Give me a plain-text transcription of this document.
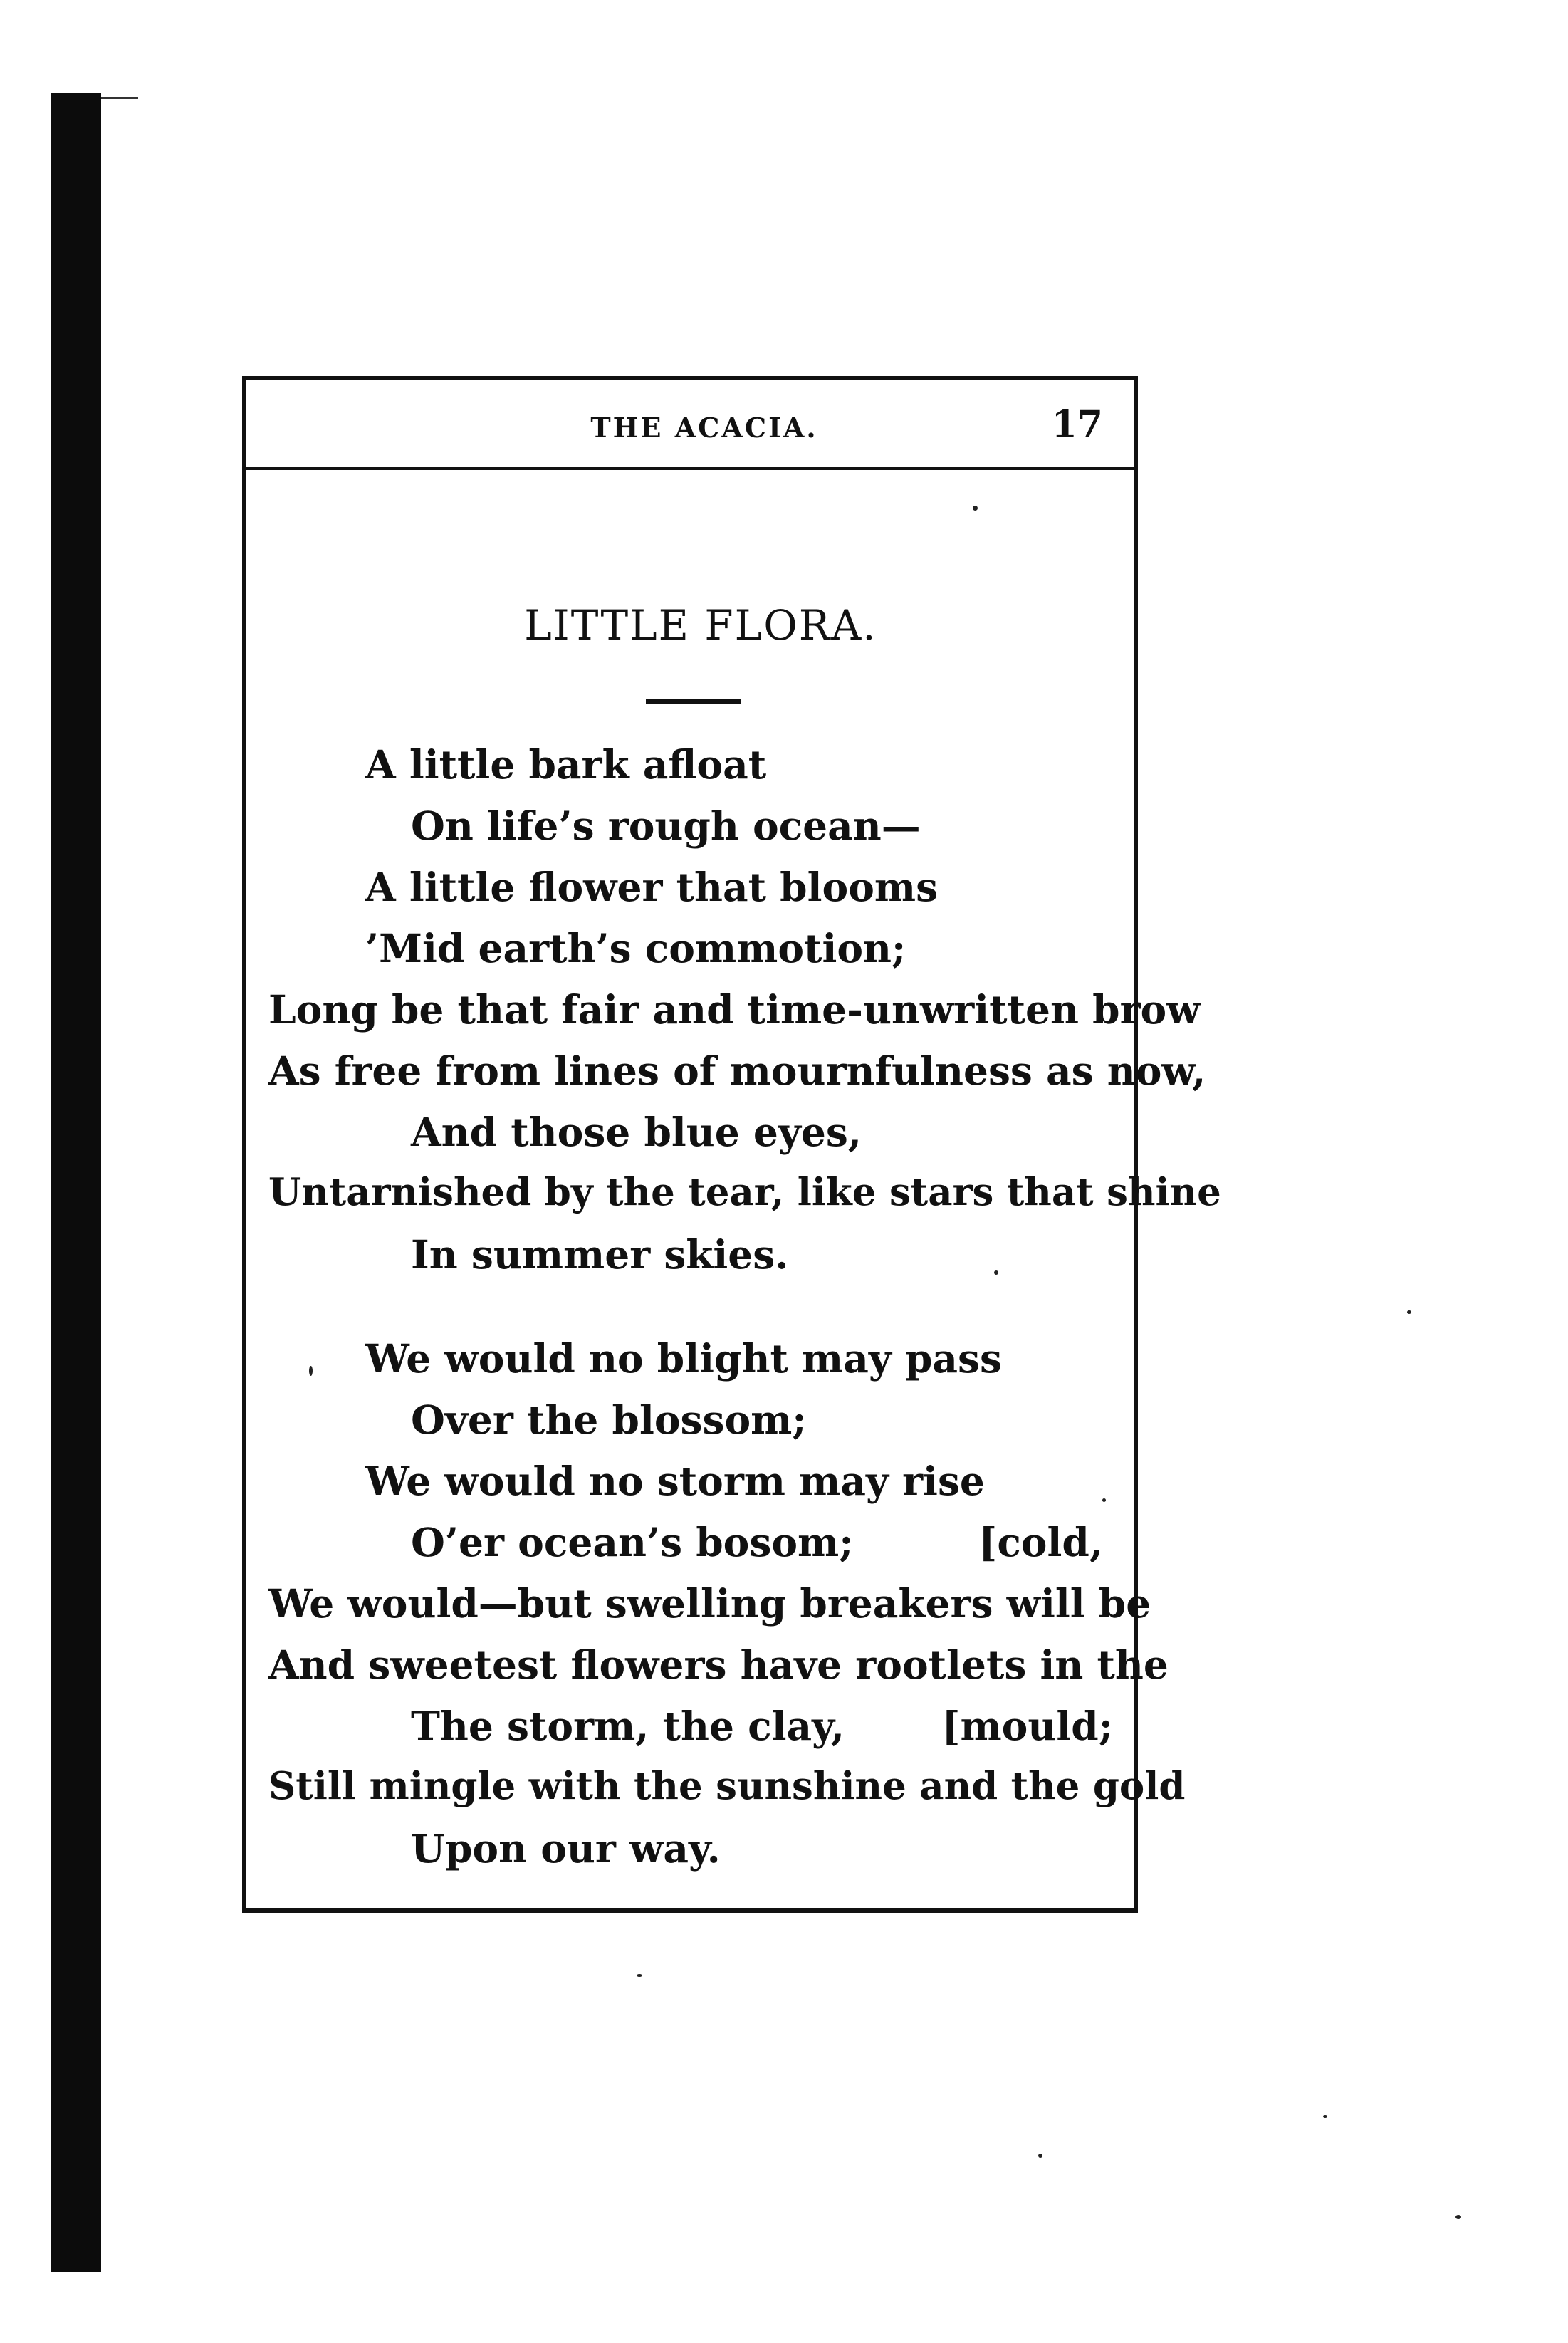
THE ACACIA.	17
LITTLE FLORA.
A little bark afloat
On life’s rough ocean—
A little flower that blooms
’Mid earth’s commotion;
Long be that fair and time-unwritten brow
As free from lines of mournfulness as now,
And those blue eyes,
Untarnished by the tear, like stars that shine
In summer skies.
We would no blight may pass
Over the blossom;
We would no storm may rise
O’er ocean’s bosom;	[cold,
We would—but swelling breakers will be
And sweetest flowers have rootlets in the
The storm, the clay, [mould;
Still mingle with the sunshine and the gold
Upon our way.
